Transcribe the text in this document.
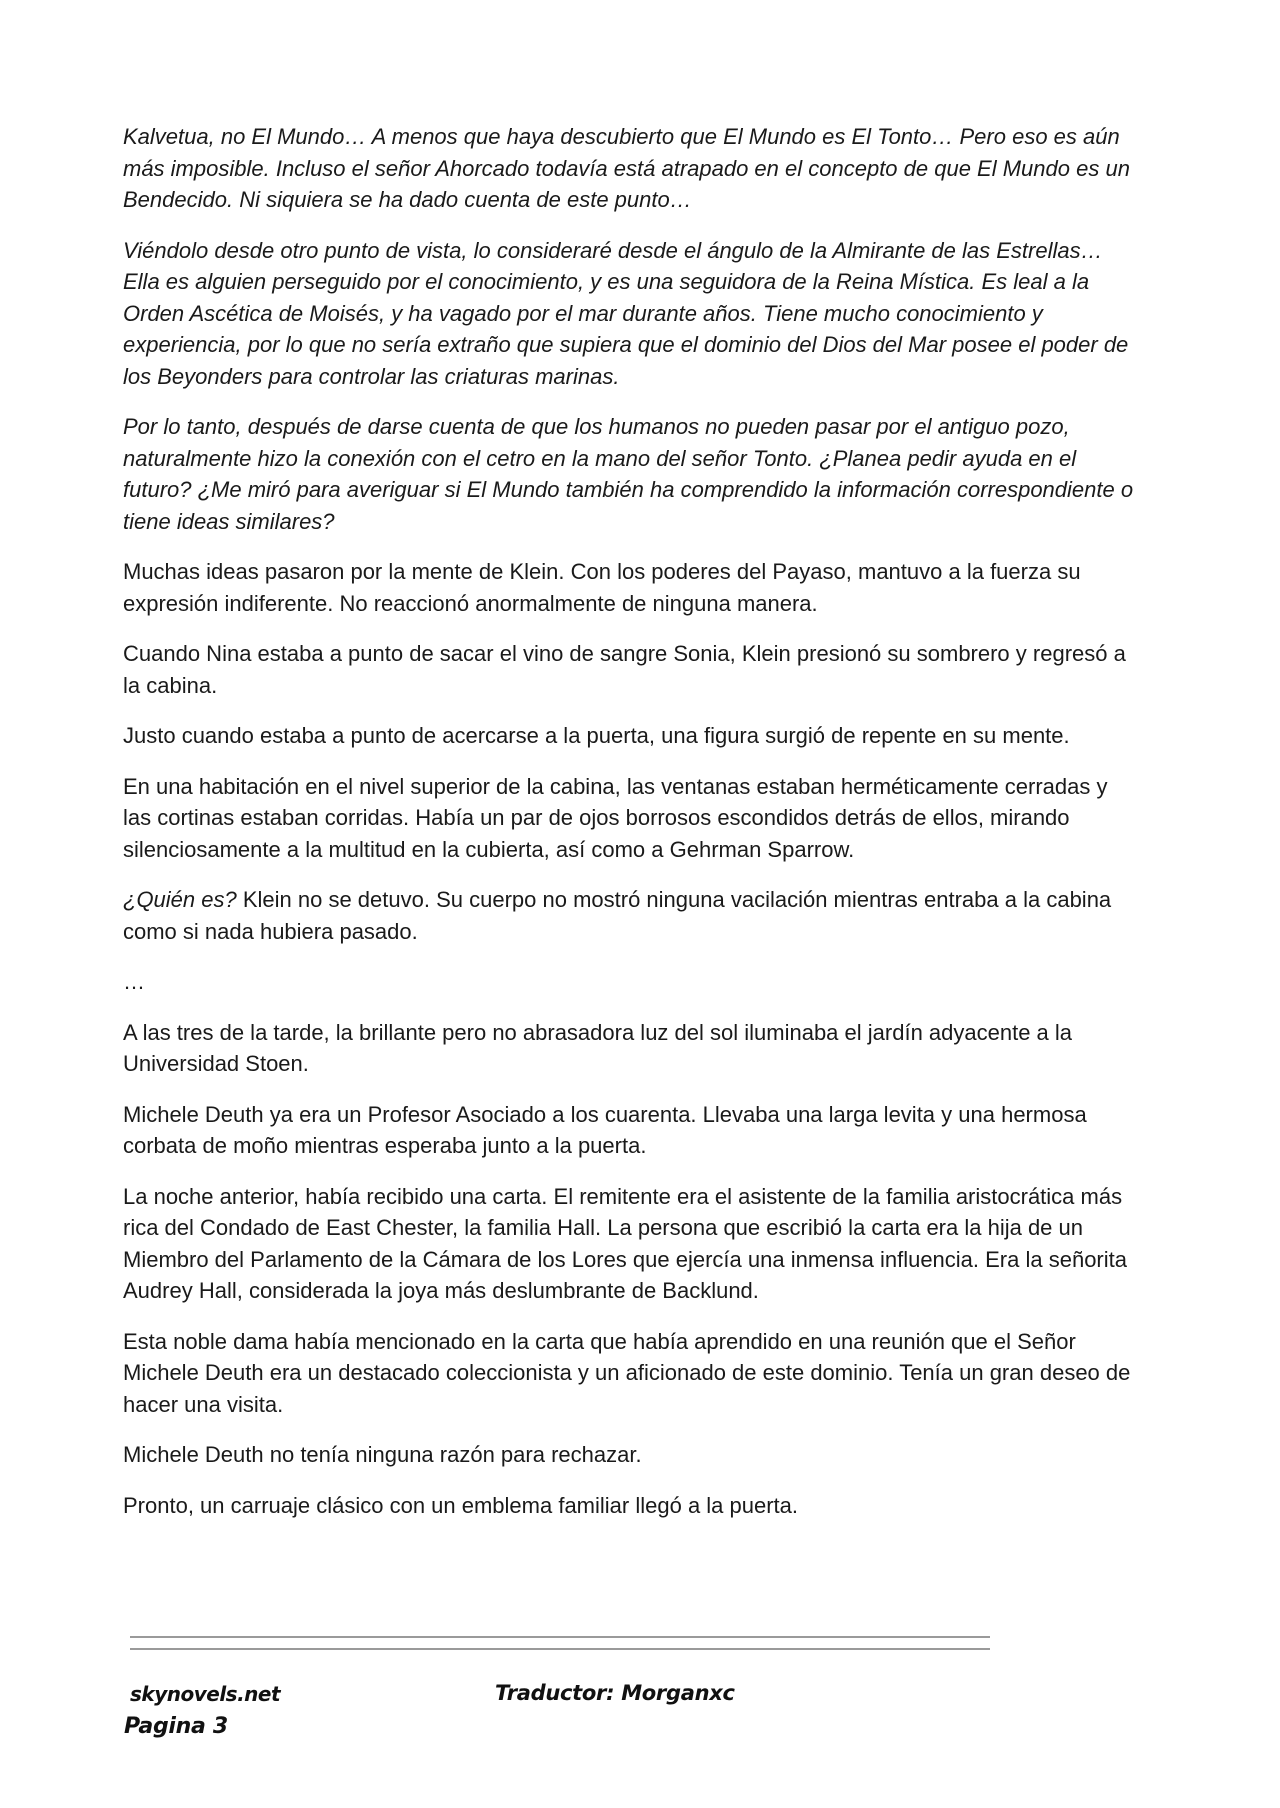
Kalvetua, no El Mundo… A menos que haya descubierto que El Mundo es El Tonto… Pero eso es aún más imposible. Incluso el señor Ahorcado todavía está atrapado en el concepto de que El Mundo es un Bendecido. Ni siquiera se ha dado cuenta de este punto…

Viéndolo desde otro punto de vista, lo consideraré desde el ángulo de la Almirante de las Estrellas… Ella es alguien perseguido por el conocimiento, y es una seguidora de la Reina Mística. Es leal a la Orden Ascética de Moisés, y ha vagado por el mar durante años. Tiene mucho conocimiento y experiencia, por lo que no sería extraño que supiera que el dominio del Dios del Mar posee el poder de los Beyonders para controlar las criaturas marinas.

Por lo tanto, después de darse cuenta de que los humanos no pueden pasar por el antiguo pozo, naturalmente hizo la conexión con el cetro en la mano del señor Tonto. ¿Planea pedir ayuda en el futuro? ¿Me miró para averiguar si El Mundo también ha comprendido la información correspondiente o tiene ideas similares?

Muchas ideas pasaron por la mente de Klein. Con los poderes del Payaso, mantuvo a la fuerza su expresión indiferente. No reaccionó anormalmente de ninguna manera.

Cuando Nina estaba a punto de sacar el vino de sangre Sonia, Klein presionó su sombrero y regresó a la cabina.

Justo cuando estaba a punto de acercarse a la puerta, una figura surgió de repente en su mente.

En una habitación en el nivel superior de la cabina, las ventanas estaban herméticamente cerradas y las cortinas estaban corridas. Había un par de ojos borrosos escondidos detrás de ellos, mirando silenciosamente a la multitud en la cubierta, así como a Gehrman Sparrow.

¿Quién es? Klein no se detuvo. Su cuerpo no mostró ninguna vacilación mientras entraba a la cabina como si nada hubiera pasado.

…

A las tres de la tarde, la brillante pero no abrasadora luz del sol iluminaba el jardín adyacente a la Universidad Stoen.

Michele Deuth ya era un Profesor Asociado a los cuarenta. Llevaba una larga levita y una hermosa corbata de moño mientras esperaba junto a la puerta.

La noche anterior, había recibido una carta. El remitente era el asistente de la familia aristocrática más rica del Condado de East Chester, la familia Hall. La persona que escribió la carta era la hija de un Miembro del Parlamento de la Cámara de los Lores que ejercía una inmensa influencia. Era la señorita Audrey Hall, considerada la joya más deslumbrante de Backlund.

Esta noble dama había mencionado en la carta que había aprendido en una reunión que el Señor Michele Deuth era un destacado coleccionista y un aficionado de este dominio. Tenía un gran deseo de hacer una visita.

Michele Deuth no tenía ninguna razón para rechazar.

Pronto, un carruaje clásico con un emblema familiar llegó a la puerta.

skynovels.net
Pagina 3
Traductor: Morganxc
